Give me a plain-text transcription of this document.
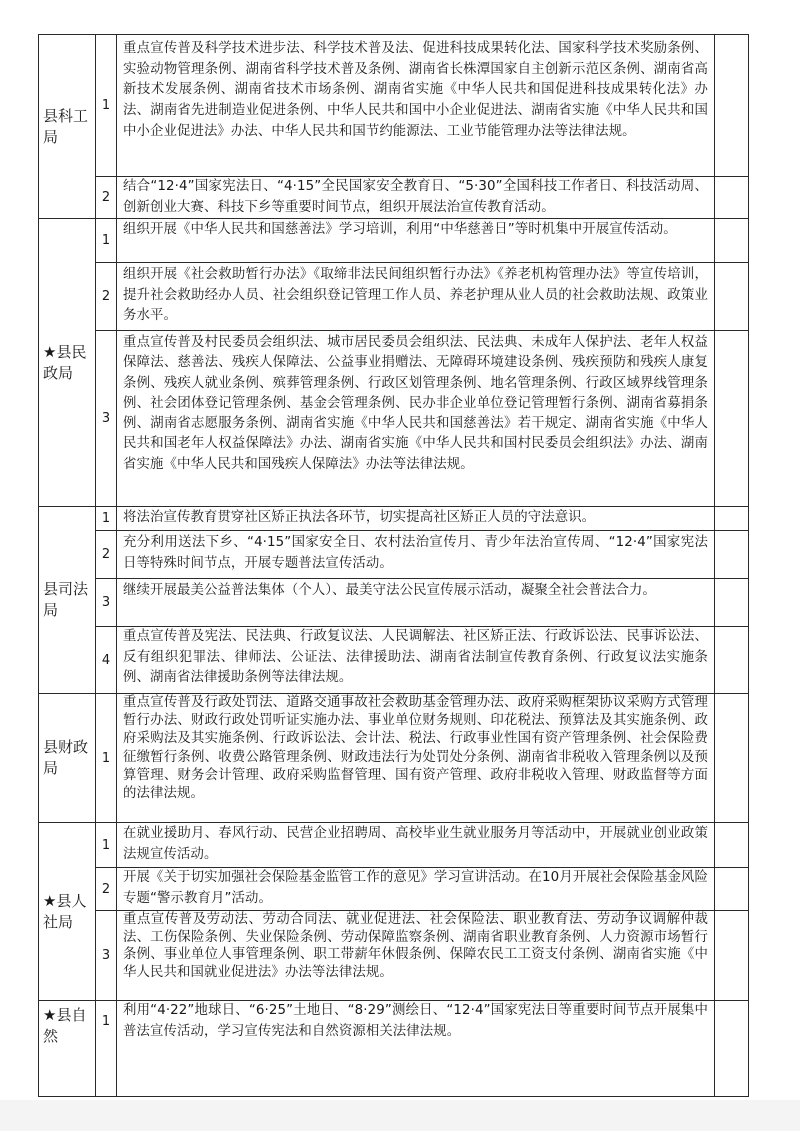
县科工局
1
重点宣传普及科学技术进步法、科学技术普及法、促进科技成果转化法、国家科学技术奖励条例、实验动物管理条例、湖南省科学技术普及条例、湖南省长株潭国家自主创新示范区条例、湖南省高新技术发展条例、湖南省技术市场条例、湖南省实施《中华人民共和国促进科技成果转化法》办法、湖南省先进制造业促进条例、中华人民共和国中小企业促进法、湖南省实施《中华人民共和国中小企业促进法》办法、中华人民共和国节约能源法、工业节能管理办法等法律法规。
2
结合“12·4”国家宪法日、“4·15”全民国家安全教育日、“5·30”全国科技工作者日、科技活动周、创新创业大赛、科技下乡等重要时间节点，组织开展法治宣传教育活动。
★县民政局
1
组织开展《中华人民共和国慈善法》学习培训，利用“中华慈善日”等时机集中开展宣传活动。
2
组织开展《社会救助暂行办法》《取缔非法民间组织暂行办法》《养老机构管理办法》等宣传培训，提升社会救助经办人员、社会组织登记管理工作人员、养老护理从业人员的社会救助法规、政策业务水平。
3
重点宣传普及村民委员会组织法、城市居民委员会组织法、民法典、未成年人保护法、老年人权益保障法、慈善法、残疾人保障法、公益事业捐赠法、无障碍环境建设条例、残疾预防和残疾人康复条例、残疾人就业条例、殡葬管理条例、行政区划管理条例、地名管理条例、行政区域界线管理条例、社会团体登记管理条例、基金会管理条例、民办非企业单位登记管理暂行条例、湖南省募捐条例、湖南省志愿服务条例、湖南省实施《中华人民共和国慈善法》若干规定、湖南省实施《中华人民共和国老年人权益保障法》办法、湖南省实施《中华人民共和国村民委员会组织法》办法、湖南省实施《中华人民共和国残疾人保障法》办法等法律法规。
县司法局
1 将法治宣传教育贯穿社区矫正执法各环节，切实提高社区矫正人员的守法意识。
2
充分利用送法下乡、“4·15”国家安全日、农村法治宣传月、青少年法治宣传周、“12·4”国家宪法日等特殊时间节点，开展专题普法宣传活动。
3
继续开展最美公益普法集体（个人）、最美守法公民宣传展示活动，凝聚全社会普法合力。
4
重点宣传普及宪法、民法典、行政复议法、人民调解法、社区矫正法、行政诉讼法、民事诉讼法、反有组织犯罪法、律师法、公证法、法律援助法、湖南省法制宣传教育条例、行政复议法实施条例、湖南省法律援助条例等法律法规。
县财政局
1
重点宣传普及行政处罚法、道路交通事故社会救助基金管理办法、政府采购框架协议采购方式管理暂行办法、财政行政处罚听证实施办法、事业单位财务规则、印花税法、预算法及其实施条例、政府采购法及其实施条例、行政诉讼法、会计法、税法、行政事业性国有资产管理条例、社会保险费征缴暂行条例、收费公路管理条例、财政违法行为处罚处分条例、湖南省非税收入管理条例以及预算管理、财务会计管理、政府采购监督管理、国有资产管理、政府非税收入管理、财政监督等方面的法律法规。
★县人社局
1
在就业援助月、春风行动、民营企业招聘周、高校毕业生就业服务月等活动中，开展就业创业政策法规宣传活动。
2
开展《关于切实加强社会保险基金监管工作的意见》学习宣讲活动。在10月开展社会保险基金风险专题“警示教育月”活动。
3
重点宣传普及劳动法、劳动合同法、就业促进法、社会保险法、职业教育法、劳动争议调解仲裁法、工伤保险条例、失业保险条例、劳动保障监察条例、湖南省职业教育条例、人力资源市场暂行条例、事业单位人事管理条例、职工带薪年休假条例、保障农民工工资支付条例、湖南省实施《中华人民共和国就业促进法》办法等法律法规。
★县自然
1
利用“4·22”地球日、“6·25”土地日、“8·29”测绘日、“12·4”国家宪法日等重要时间节点开展集中普法宣传活动，学习宣传宪法和自然资源相关法律法规。
